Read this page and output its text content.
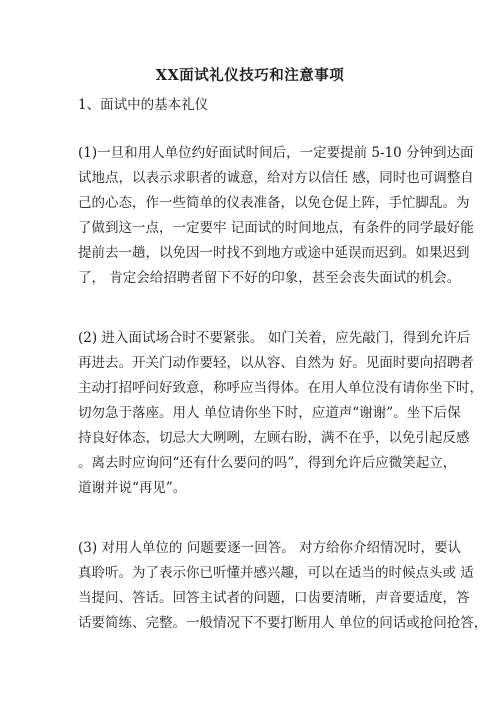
XX面试礼仪技巧和注意事项
1、面试中的基本礼仪
(1)一旦和用人单位约好面试时间后，一定要提前 5-10 分钟到达面
试地点，以表示求职者的诚意，给对方以信任 感，同时也可调整自
己的心态，作一些简单的仪表准备，以免仓促上阵，手忙脚乱。为
了做到这一点，一定要牢 记面试的时间地点，有条件的同学最好能
提前去一趟，以免因一时找不到地方或途中延误而迟到。如果迟到
了， 肯定会给招聘者留下不好的印象，甚至会丧失面试的机会。
(2) 进入面试场合时不要紧张。 如门关着，应先敲门，得到允许后
再进去。开关门动作要轻，以从容、自然为 好。见面时要向招聘者
主动打招呼问好致意，称呼应当得体。在用人单位没有请你坐下时，
切勿急于落座。用人 单位请你坐下时，应道声“谢谢”。坐下后保
持良好体态，切忌大大咧咧，左顾右盼，满不在乎，以免引起反感
。离去时应询问“还有什么要问的吗”，得到允许后应微笑起立，
道谢并说“再见”。
(3) 对用人单位的 问题要逐一回答。 对方给你介绍情况时，要认
真聆听。为了表示你已听懂并感兴趣，可以在适当的时候点头或 适
当提问、答话。回答主试者的问题，口齿要清晰，声音要适度，答
话要简练、完整。一般情况下不要打断用人 单位的问话或抢问抢答，
